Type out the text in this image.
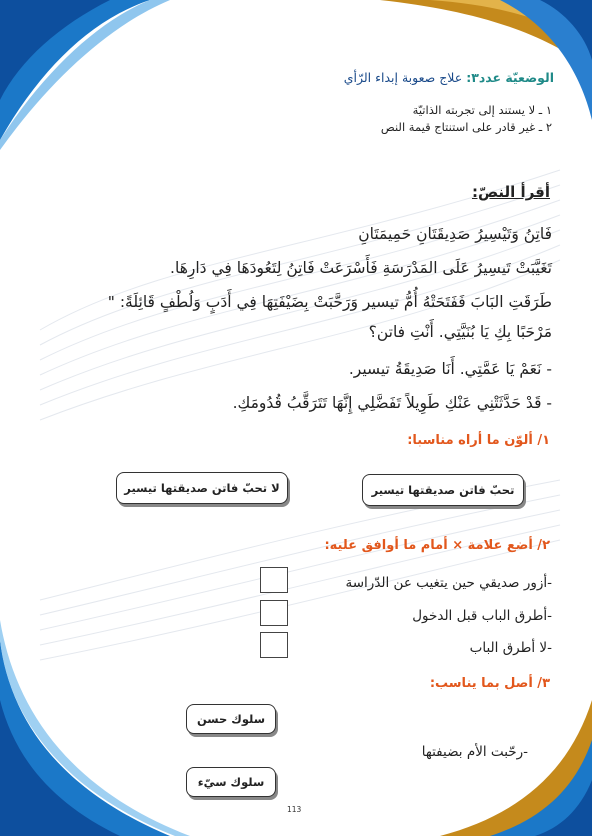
الوضعيّة عدد٣: علاج صعوبة إبداء الرّأي
١ ـ لا يستند إلى تجربته الذاتيّة
٢ ـ غير قادر على استنتاج قيمة النص
أقرأ النصّ:
فَاتِنُ وَتَيْسِيرُ صَدِيقَتَانِ حَمِيمَتَانِ
تَغَيَّبَتْ تَيسِيرُ عَلَى المَدْرَسَةِ فَأَسْرَعَتْ فَاتِنُ لِتَعُودَهَا فِي دَارِهَا.
طَرَقَتِ البَابَ فَفَتَحَتْهُ أُمُّ تيسير وَرَحَّبَتْ بِضَيْفَتِهَا فِي أَدَبٍ وَلُطْفٍ قَائِلَةً: "
مَرْحَبًا بِكِ يَا بُنَيَّتِي. أَنْتِ فاتن؟
- نَعَمْ يَا عَمَّتِي. أَنَا صَدِيقَةُ تيسير.
- قَدْ حَدَّثَتْنِي عَنْكِ طَوِيلاً تَفَضَّلِي إِنَّهَا تَتَرَقَّبُ قُدُومَكِ.
١/ ألوّن ما أراه مناسبا:
تحبّ فاتن صديقتها تيسير
لا تحبّ فاتن صديقتها تيسير
٢/ أضع علامة × أمام ما أوافق عليه:
-أزور صديقي حين يتغيب عن الدّراسة
-أطرق الباب قبل الدخول
-لا أطرق الباب
٣/ أصل بما يناسب:
سلوك حسن
-رحّبت الأم بضيفتها
سلوك سيّء
113
